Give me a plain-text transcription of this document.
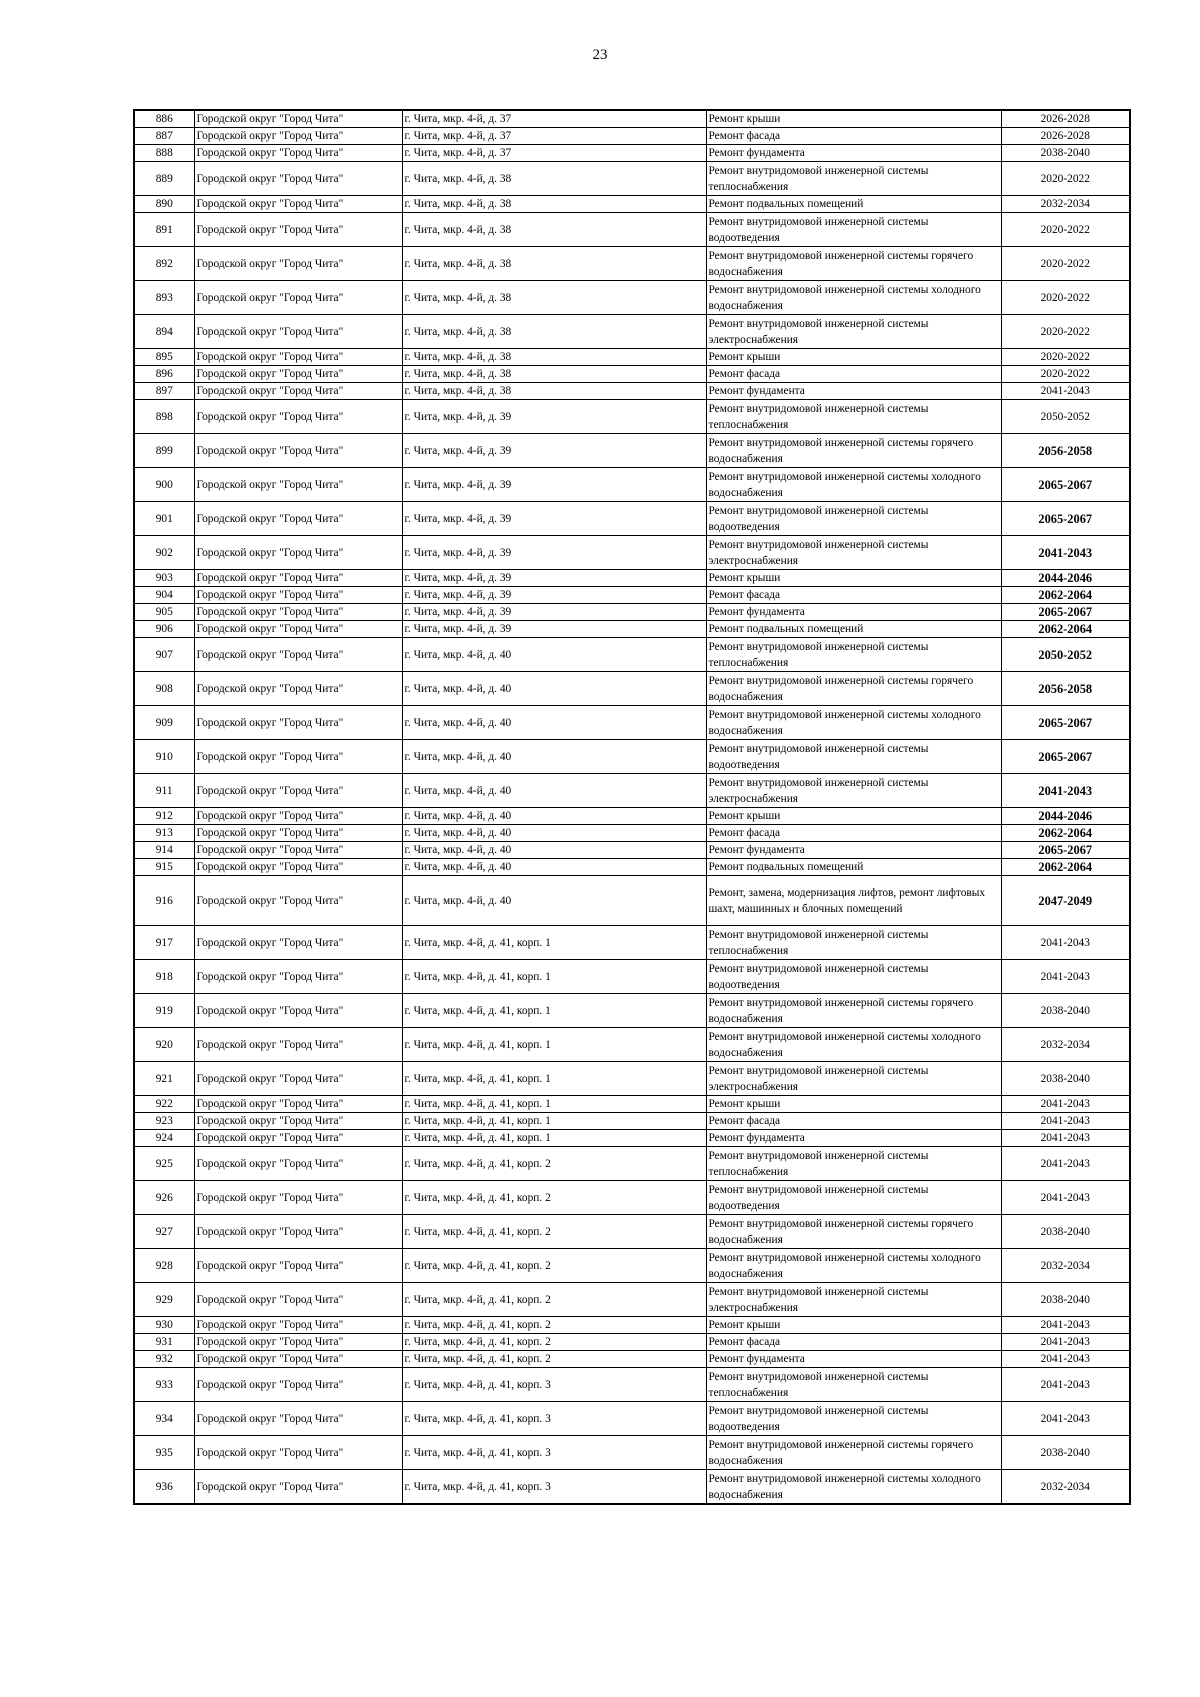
23
886	Городской округ "Город Чита"	г. Чита, мкр. 4-й, д. 37	Ремонт крыши	2026-2028
887	Городской округ "Город Чита"	г. Чита, мкр. 4-й, д. 37	Ремонт фасада	2026-2028
888	Городской округ "Город Чита"	г. Чита, мкр. 4-й, д. 37	Ремонт фундамента	2038-2040
889	Городской округ "Город Чита"	г. Чита, мкр. 4-й, д. 38	Ремонт внутридомовой инженерной системы теплоснабжения	2020-2022
890	Городской округ "Город Чита"	г. Чита, мкр. 4-й, д. 38	Ремонт подвальных помещений	2032-2034
891	Городской округ "Город Чита"	г. Чита, мкр. 4-й, д. 38	Ремонт внутридомовой инженерной системы водоотведения	2020-2022
892	Городской округ "Город Чита"	г. Чита, мкр. 4-й, д. 38	Ремонт внутридомовой инженерной системы горячего водоснабжения	2020-2022
893	Городской округ "Город Чита"	г. Чита, мкр. 4-й, д. 38	Ремонт внутридомовой инженерной системы холодного водоснабжения	2020-2022
894	Городской округ "Город Чита"	г. Чита, мкр. 4-й, д. 38	Ремонт внутридомовой инженерной системы электроснабжения	2020-2022
895	Городской округ "Город Чита"	г. Чита, мкр. 4-й, д. 38	Ремонт крыши	2020-2022
896	Городской округ "Город Чита"	г. Чита, мкр. 4-й, д. 38	Ремонт фасада	2020-2022
897	Городской округ "Город Чита"	г. Чита, мкр. 4-й, д. 38	Ремонт фундамента	2041-2043
898	Городской округ "Город Чита"	г. Чита, мкр. 4-й, д. 39	Ремонт внутридомовой инженерной системы теплоснабжения	2050-2052
899	Городской округ "Город Чита"	г. Чита, мкр. 4-й, д. 39	Ремонт внутридомовой инженерной системы горячего водоснабжения	2056-2058
900	Городской округ "Город Чита"	г. Чита, мкр. 4-й, д. 39	Ремонт внутридомовой инженерной системы холодного водоснабжения	2065-2067
901	Городской округ "Город Чита"	г. Чита, мкр. 4-й, д. 39	Ремонт внутридомовой инженерной системы водоотведения	2065-2067
902	Городской округ "Город Чита"	г. Чита, мкр. 4-й, д. 39	Ремонт внутридомовой инженерной системы электроснабжения	2041-2043
903	Городской округ "Город Чита"	г. Чита, мкр. 4-й, д. 39	Ремонт крыши	2044-2046
904	Городской округ "Город Чита"	г. Чита, мкр. 4-й, д. 39	Ремонт фасада	2062-2064
905	Городской округ "Город Чита"	г. Чита, мкр. 4-й, д. 39	Ремонт фундамента	2065-2067
906	Городской округ "Город Чита"	г. Чита, мкр. 4-й, д. 39	Ремонт подвальных помещений	2062-2064
907	Городской округ "Город Чита"	г. Чита, мкр. 4-й, д. 40	Ремонт внутридомовой инженерной системы теплоснабжения	2050-2052
908	Городской округ "Город Чита"	г. Чита, мкр. 4-й, д. 40	Ремонт внутридомовой инженерной системы горячего водоснабжения	2056-2058
909	Городской округ "Город Чита"	г. Чита, мкр. 4-й, д. 40	Ремонт внутридомовой инженерной системы холодного водоснабжения	2065-2067
910	Городской округ "Город Чита"	г. Чита, мкр. 4-й, д. 40	Ремонт внутридомовой инженерной системы водоотведения	2065-2067
911	Городской округ "Город Чита"	г. Чита, мкр. 4-й, д. 40	Ремонт внутридомовой инженерной системы электроснабжения	2041-2043
912	Городской округ "Город Чита"	г. Чита, мкр. 4-й, д. 40	Ремонт крыши	2044-2046
913	Городской округ "Город Чита"	г. Чита, мкр. 4-й, д. 40	Ремонт фасада	2062-2064
914	Городской округ "Город Чита"	г. Чита, мкр. 4-й, д. 40	Ремонт фундамента	2065-2067
915	Городской округ "Город Чита"	г. Чита, мкр. 4-й, д. 40	Ремонт подвальных помещений	2062-2064
916	Городской округ "Город Чита"	г. Чита, мкр. 4-й, д. 40	Ремонт, замена, модернизация лифтов, ремонт лифтовых шахт, машинных и блочных помещений	2047-2049
917	Городской округ "Город Чита"	г. Чита, мкр. 4-й, д. 41, корп. 1	Ремонт внутридомовой инженерной системы теплоснабжения	2041-2043
918	Городской округ "Город Чита"	г. Чита, мкр. 4-й, д. 41, корп. 1	Ремонт внутридомовой инженерной системы водоотведения	2041-2043
919	Городской округ "Город Чита"	г. Чита, мкр. 4-й, д. 41, корп. 1	Ремонт внутридомовой инженерной системы горячего водоснабжения	2038-2040
920	Городской округ "Город Чита"	г. Чита, мкр. 4-й, д. 41, корп. 1	Ремонт внутридомовой инженерной системы холодного водоснабжения	2032-2034
921	Городской округ "Город Чита"	г. Чита, мкр. 4-й, д. 41, корп. 1	Ремонт внутридомовой инженерной системы электроснабжения	2038-2040
922	Городской округ "Город Чита"	г. Чита, мкр. 4-й, д. 41, корп. 1	Ремонт крыши	2041-2043
923	Городской округ "Город Чита"	г. Чита, мкр. 4-й, д. 41, корп. 1	Ремонт фасада	2041-2043
924	Городской округ "Город Чита"	г. Чита, мкр. 4-й, д. 41, корп. 1	Ремонт фундамента	2041-2043
925	Городской округ "Город Чита"	г. Чита, мкр. 4-й, д. 41, корп. 2	Ремонт внутридомовой инженерной системы теплоснабжения	2041-2043
926	Городской округ "Город Чита"	г. Чита, мкр. 4-й, д. 41, корп. 2	Ремонт внутридомовой инженерной системы водоотведения	2041-2043
927	Городской округ "Город Чита"	г. Чита, мкр. 4-й, д. 41, корп. 2	Ремонт внутридомовой инженерной системы горячего водоснабжения	2038-2040
928	Городской округ "Город Чита"	г. Чита, мкр. 4-й, д. 41, корп. 2	Ремонт внутридомовой инженерной системы холодного водоснабжения	2032-2034
929	Городской округ "Город Чита"	г. Чита, мкр. 4-й, д. 41, корп. 2	Ремонт внутридомовой инженерной системы электроснабжения	2038-2040
930	Городской округ "Город Чита"	г. Чита, мкр. 4-й, д. 41, корп. 2	Ремонт крыши	2041-2043
931	Городской округ "Город Чита"	г. Чита, мкр. 4-й, д. 41, корп. 2	Ремонт фасада	2041-2043
932	Городской округ "Город Чита"	г. Чита, мкр. 4-й, д. 41, корп. 2	Ремонт фундамента	2041-2043
933	Городской округ "Город Чита"	г. Чита, мкр. 4-й, д. 41, корп. 3	Ремонт внутридомовой инженерной системы теплоснабжения	2041-2043
934	Городской округ "Город Чита"	г. Чита, мкр. 4-й, д. 41, корп. 3	Ремонт внутридомовой инженерной системы водоотведения	2041-2043
935	Городской округ "Город Чита"	г. Чита, мкр. 4-й, д. 41, корп. 3	Ремонт внутридомовой инженерной системы горячего водоснабжения	2038-2040
936	Городской округ "Город Чита"	г. Чита, мкр. 4-й, д. 41, корп. 3	Ремонт внутридомовой инженерной системы холодного водоснабжения	2032-2034
